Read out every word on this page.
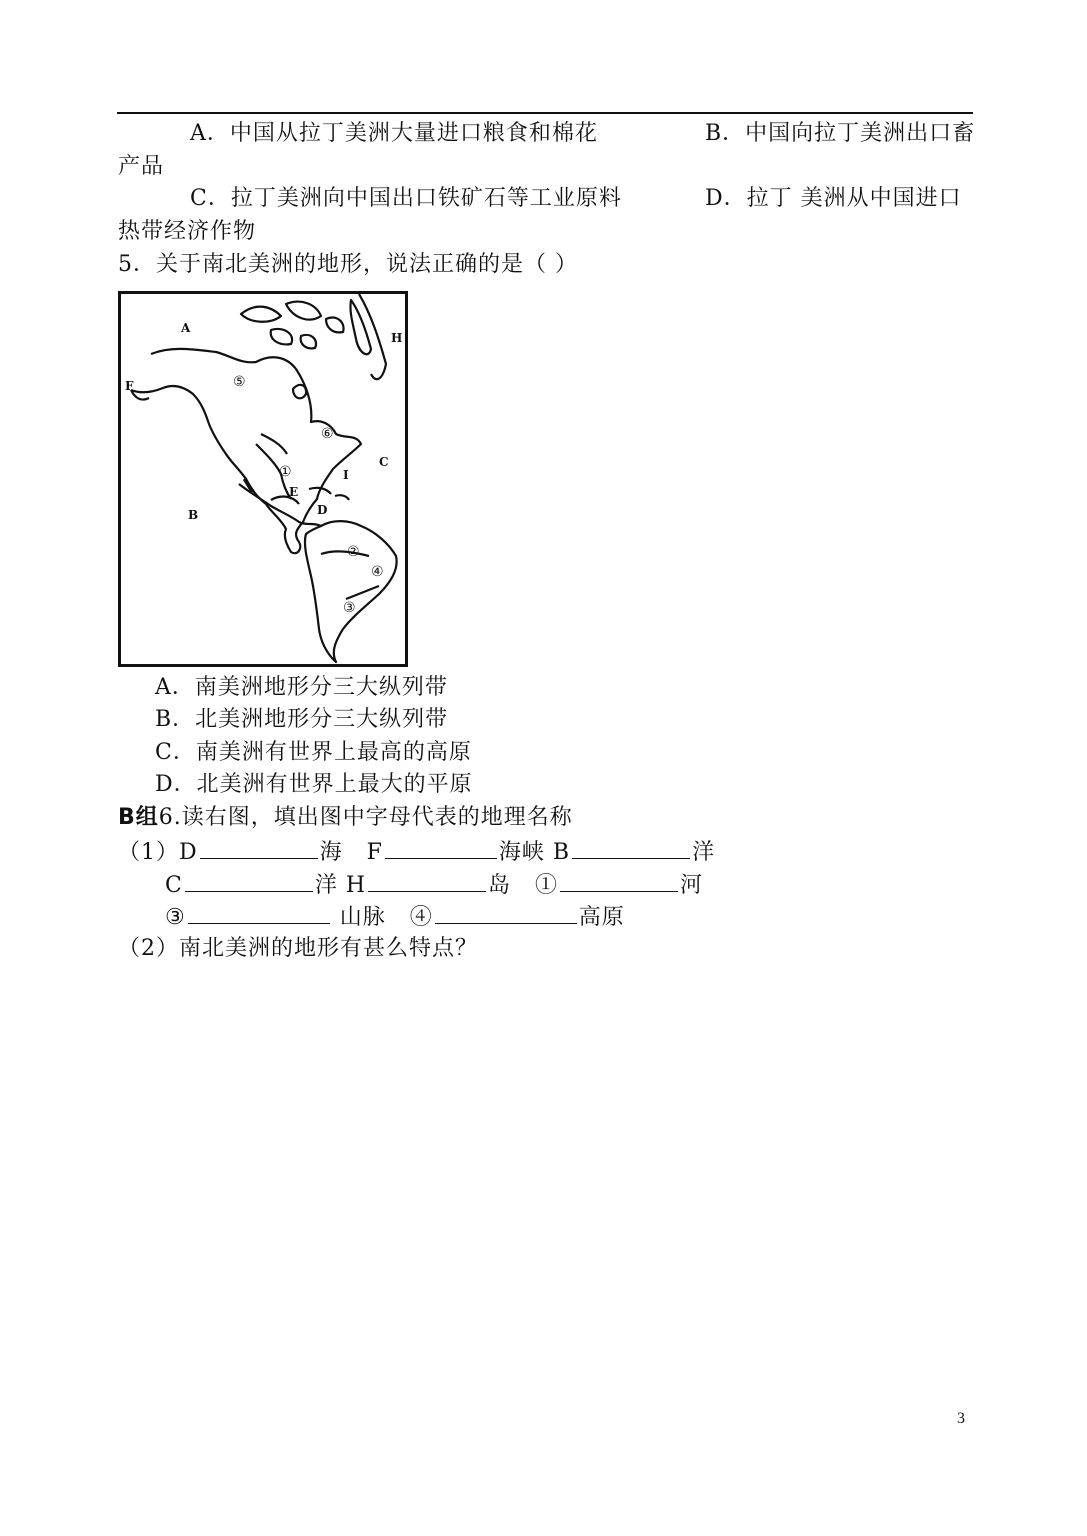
A．中国从拉丁美洲大量进口粮食和棉花	B．中国向拉丁美洲出口畜
产品
C．拉丁美洲向中国出口铁矿石等工业原料	D．拉丁 美洲从中国进口
热带经济作物
5．关于南北美洲的地形，说法正确的是（ ）
A
H
F
B
C
I
E
D
⑤
⑥
①
②
④
③
A．南美洲地形分三大纵列带
B．北美洲地形分三大纵列带
C．南美洲有世界上最高的高原
D．北美洲有世界上最大的平原
B组6.读右图，填出图中字母代表的地理名称
（1）D	海 F	海峡 B	洋
C	洋 H	岛 ①	河
③	山脉 ④	高原
（2）南北美洲的地形有甚么特点？
3
